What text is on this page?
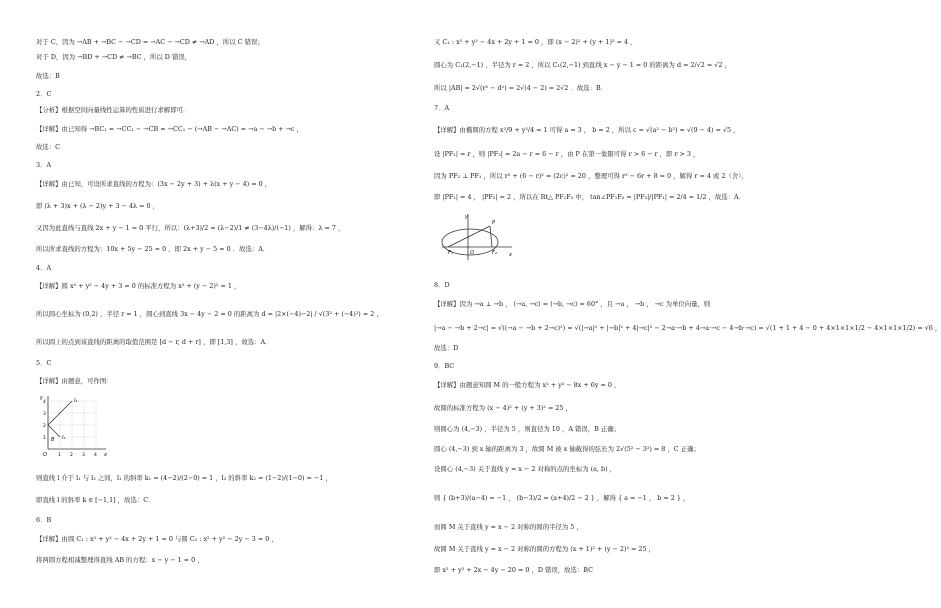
对于 C，因为 →AB + →BC − →CD = →AC − →CD ≠ →AD ，所以 C 错误；
对于 D，因为 →BD + →CD ≠ →BC ，所以 D 错误，
故选：B
2．C
【分析】根据空间向量线性运算的性质进行求解即可．
【详解】由已知得 →BC₁ = →CC₁ − →CB = →CC₁ − (→AB − →AC) = →a − →b + →c ，
故选：C
3．A
【详解】由已知，可设所求直线的方程为：(3x − 2y + 3) + λ(x + y − 4) = 0 ，
即 (λ + 3)x + (λ − 2)y + 3 − 4λ = 0 ，
又因为此直线与直线 2x + y − 1 = 0 平行，所以：(λ+3)/2 = (λ−2)/1 ≠ (3−4λ)/(−1) ，解得：λ = 7 ，
所以所求直线的方程为：10x + 5y − 25 = 0 ，即 2x + y − 5 = 0 ．故选：A．
4．A
【详解】圆 x² + y² − 4y + 3 = 0 的标准方程为 x² + (y − 2)² = 1 ，
所以圆心坐标为 (0,2) ，半径 r = 1 ，圆心到直线 3x − 4y − 2 = 0 的距离为 d = |2×(−4)−2| / √(3² + (−4)²) = 2 ，
所以圆上的点到该直线的距离的取值范围是 [d − r, d + r] ，即 [1,3] ，故选：A．
5．C
【详解】由题意，可作图：
y
x
O 1 2 3 4
1
2
3
4	l₁
l₂
B
则直线 l 介于 l₁ 与 l₂ 之间，l₁ 的斜率 k₁ = (4−2)/(2−0) = 1 ，l₂ 的斜率 k₂ = (1−2)/(1−0) = −1 ，
即直线 l 的斜率 k ∈ [−1,1] ，故选：C．
6．B
【详解】由圆 C₁ : x² + y² − 4x + 2y + 1 = 0 与圆 C₂ : x² + y² − 2y − 3 = 0 ，
将两圆方程相减整理得直线 AB 的方程：x − y − 1 = 0 ，
又 C₁ : x² + y² − 4x + 2y + 1 = 0 ，即 (x − 2)² + (y + 1)² = 4 ，
圆心为 C₁(2,−1) ，半径为 r = 2 ，所以 C₁(2,−1) 到直线 x − y − 1 = 0 的距离为 d = 2/√2 = √2 ，
所以 |AB| = 2√(r² − d²) = 2√(4 − 2) = 2√2 ．故选：B．
7．A
【详解】由椭圆的方程 x²/9 + y²/4 = 1 可得 a = 3 ， b = 2 ，所以 c = √(a² − b²) = √(9 − 4) = √5 ，
设 |PF₁| = r ，则 |PF₂| = 2a − r = 6 − r ，由 P 在第一象限可得 r > 6 − r ，即 r > 3 ，
因为 PF₂ ⊥ PF₁ ，所以 r² + (6 − r)² = (2c)² = 20 ，整理可得 r² − 6r + 8 = 0 ，解得 r = 4 或 2（舍），
即 |PF₁| = 4 ， |PF₂| = 2 ，所以在 Rt△ PF₁F₂ 中， tan∠PF₁F₂ = |PF₂|/|PF₁| = 2/4 = 1/2 ，故选：A．
y
x
O
F₁	F₂
P
8．D
【详解】因为 →a ⊥ →b ， ⟨→a, →c⟩ = ⟨→b, →c⟩ = 60° ，且 →a ， →b ， →c 为单位向量，则
|→a − →b + 2→c| = √((→a − →b + 2→c)²) = √(|→a|² + |→b|² + 4|→c|² − 2→a·→b + 4→a·→c − 4→b·→c) = √(1 + 1 + 4 − 0 + 4×1×1×1/2 − 4×1×1×1/2) = √6 ，
故选：D
9．BC
【详解】由题意知圆 M 的一般方程为 x² + y² − 8x + 6y = 0 ，
故圆的标准方程为 (x − 4)² + (y + 3)² = 25 ，
则圆心为 (4,−3) ，半径为 5 ，则直径为 10 ，A 错误，B 正确；
圆心 (4,−3) 到 x 轴的距离为 3 ，故圆 M 被 x 轴截得的弦长为 2√(5² − 3²) = 8 ，C 正确；
设圆心 (4,−3) 关于直线 y = x − 2 对称的点的坐标为 (a, b) ，
则 { (b+3)/(a−4) = −1 ， (b−3)/2 = (a+4)/2 − 2 } ，解得 { a = −1 ， b = 2 } ，
而圆 M 关于直线 y = x − 2 对称的圆的半径为 5 ，
故圆 M 关于直线 y = x − 2 对称的圆的方程为 (x + 1)² + (y − 2)² = 25 ，
即 x² + y² + 2x − 4y − 20 = 0 ，D 错误，故选：BC
